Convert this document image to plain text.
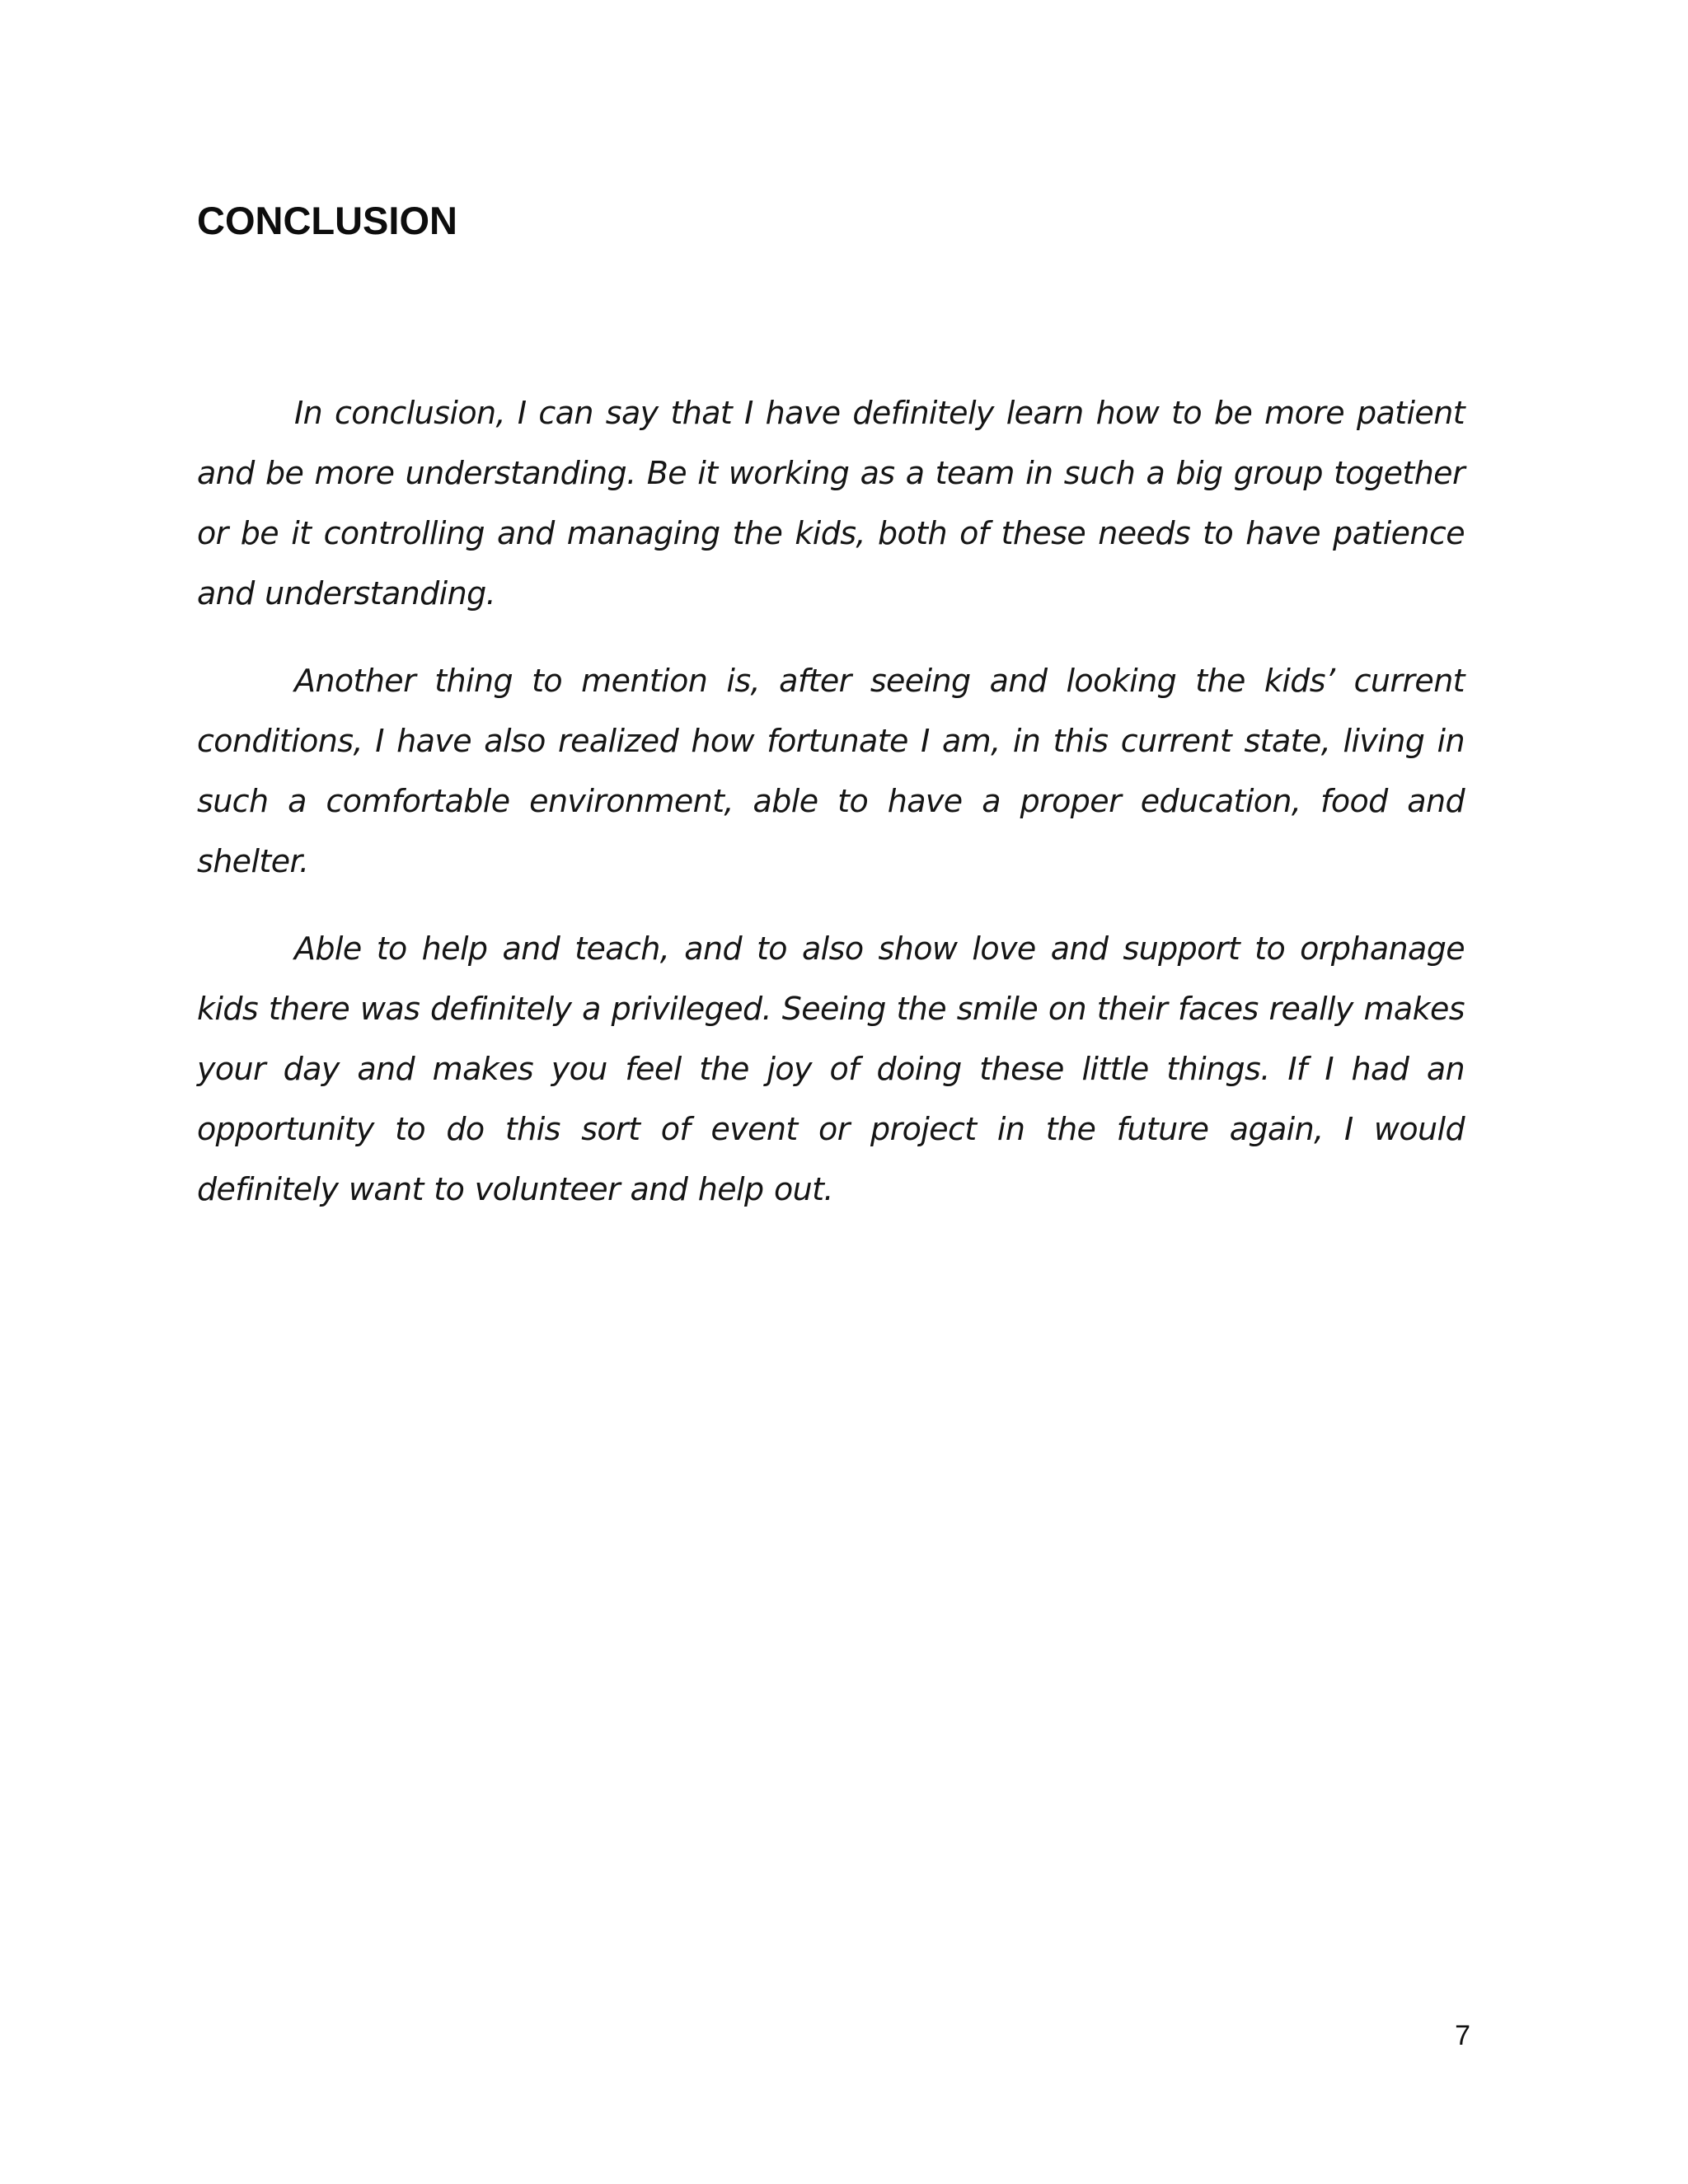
CONCLUSION

In conclusion, I can say that I have definitely learn how to be more patient and be more understanding. Be it working as a team in such a big group together or be it controlling and managing the kids, both of these needs to have patience and understanding.

Another thing to mention is, after seeing and looking the kids’ current conditions, I have also realized how fortunate I am, in this current state, living in such a comfortable environment, able to have a proper education, food and shelter.

Able to help and teach, and to also show love and support to orphanage kids there was definitely a privileged. Seeing the smile on their faces really makes your day and makes you feel the joy of doing these little things. If I had an opportunity to do this sort of event or project in the future again, I would definitely want to volunteer and help out.

7
